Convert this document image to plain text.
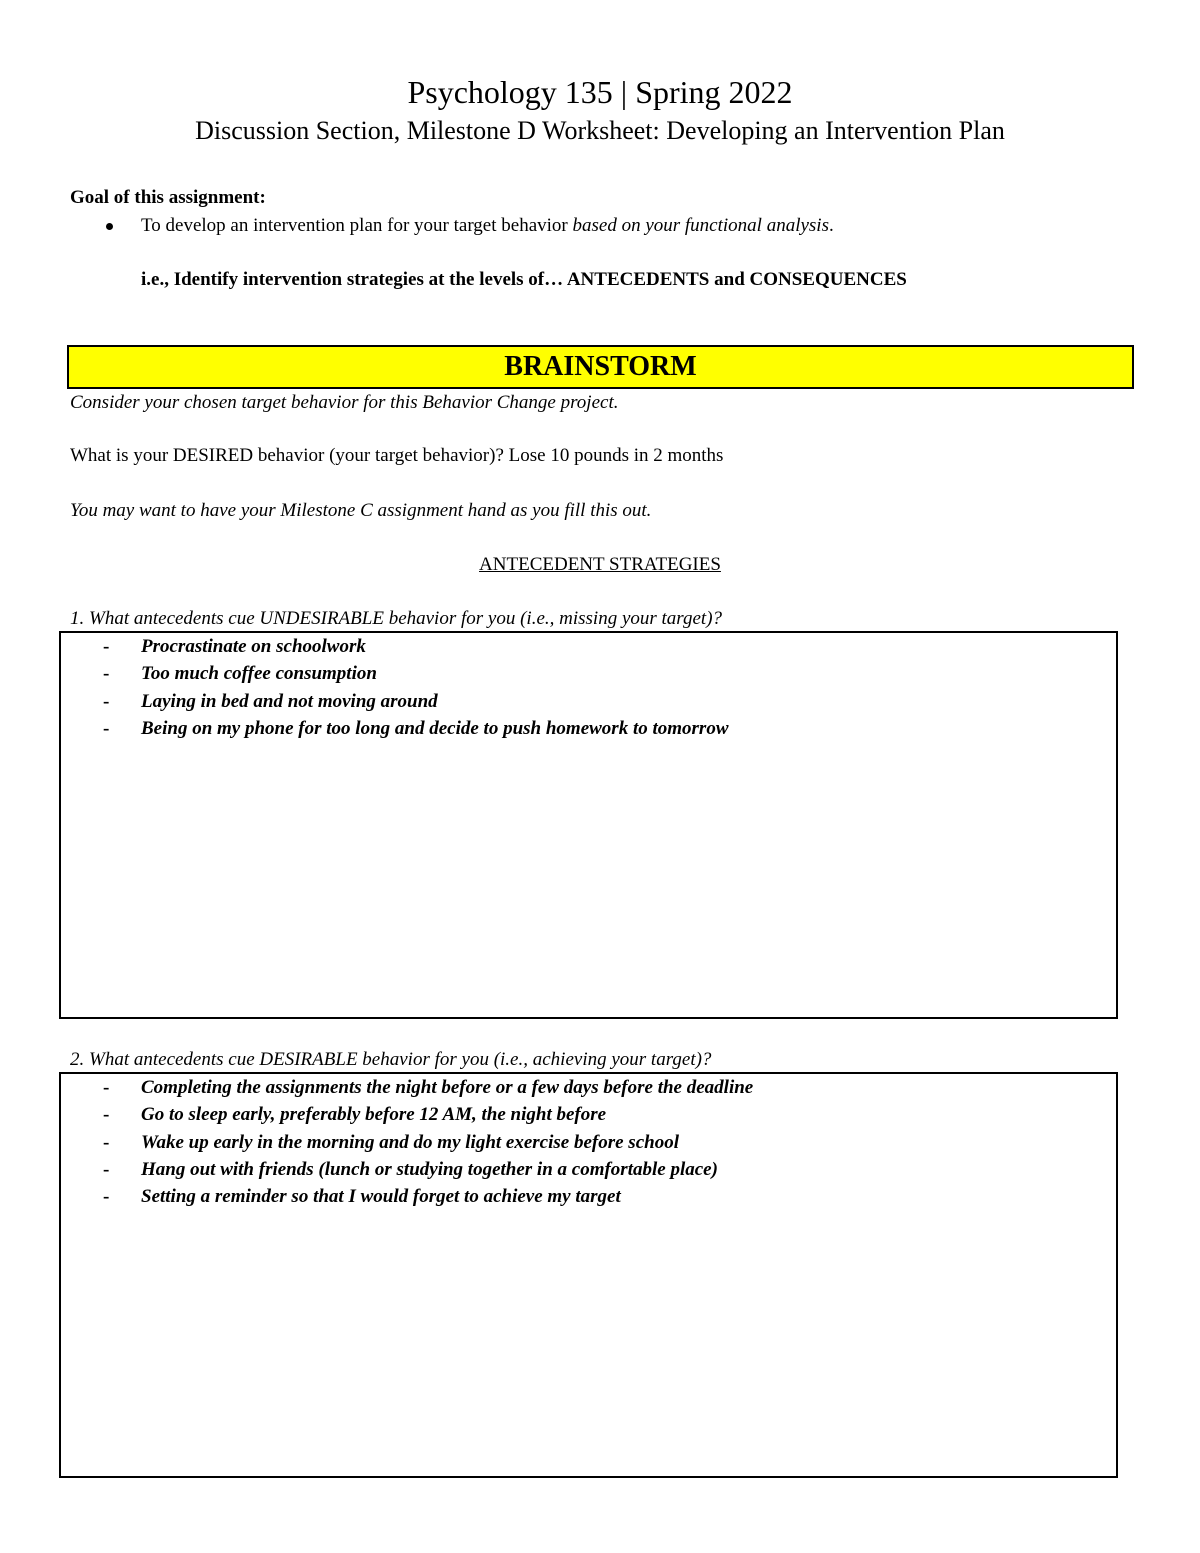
Psychology 135 | Spring 2022
Discussion Section, Milestone D Worksheet: Developing an Intervention Plan
Goal of this assignment:
To develop an intervention plan for your target behavior based on your functional analysis.
i.e., Identify intervention strategies at the levels of… ANTECEDENTS and CONSEQUENCES
BRAINSTORM
Consider your chosen target behavior for this Behavior Change project.
What is your DESIRED behavior (your target behavior)? Lose 10 pounds in 2 months
You may want to have your Milestone C assignment hand as you fill this out.
ANTECEDENT STRATEGIES
1. What antecedents cue UNDESIRABLE behavior for you (i.e., missing your target)?
- Procrastinate on schoolwork
- Too much coffee consumption
- Laying in bed and not moving around
- Being on my phone for too long and decide to push homework to tomorrow
2. What antecedents cue DESIRABLE behavior for you (i.e., achieving your target)?
- Completing the assignments the night before or a few days before the deadline
- Go to sleep early, preferably before 12 AM, the night before
- Wake up early in the morning and do my light exercise before school
- Hang out with friends (lunch or studying together in a comfortable place)
- Setting a reminder so that I would forget to achieve my target
